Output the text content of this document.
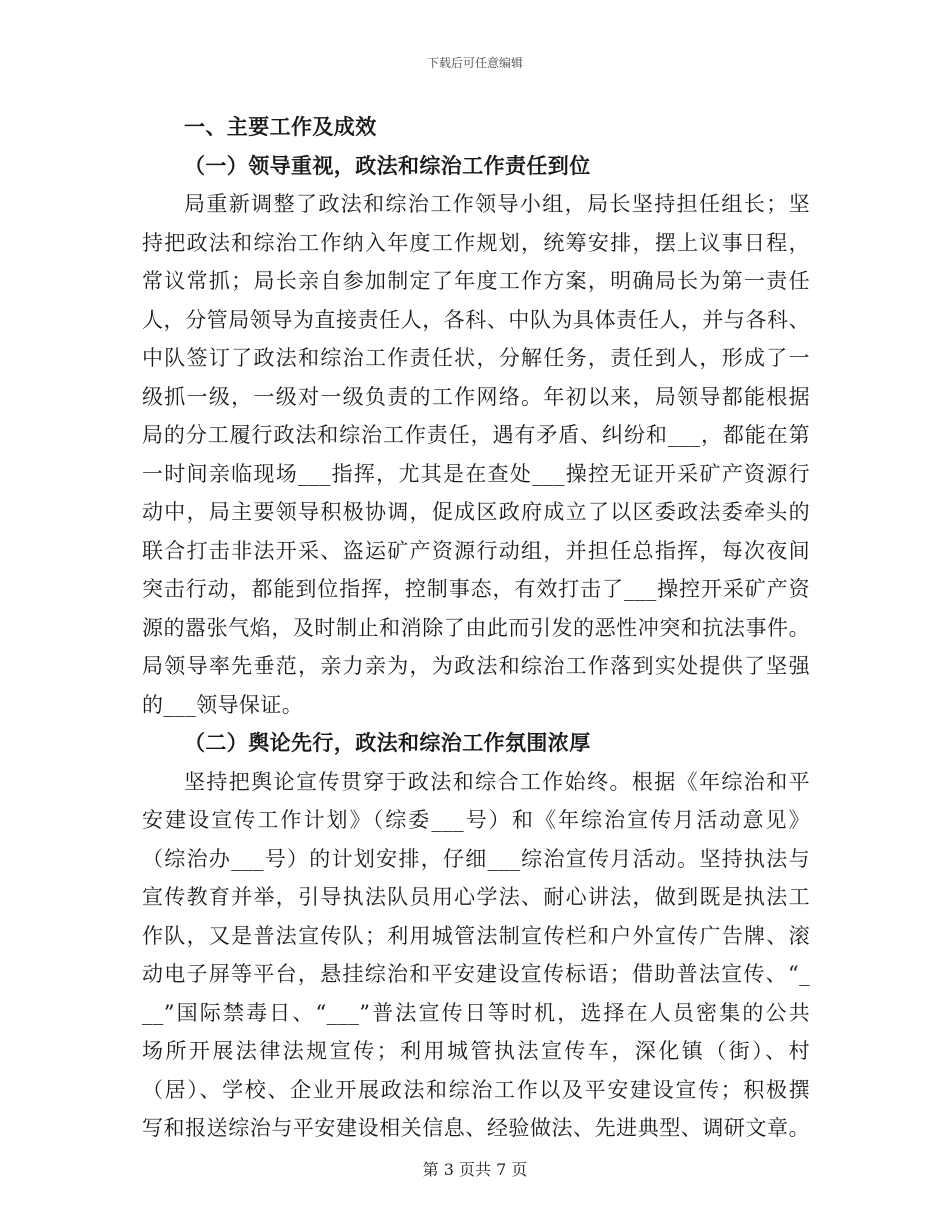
下载后可任意编辑
一、主要工作及成效
（一）领导重视，政法和综治工作责任到位
局重新调整了政法和综治工作领导小组，局长坚持担任组长；坚
持把政法和综治工作纳入年度工作规划，统筹安排，摆上议事日程，
常议常抓；局长亲自参加制定了年度工作方案，明确局长为第一责任
人，分管局领导为直接责任人，各科、中队为具体责任人，并与各科、
中队签订了政法和综治工作责任状，分解任务，责任到人，形成了一
级抓一级，一级对一级负责的工作网络。年初以来，局领导都能根据
局的分工履行政法和综治工作责任，遇有矛盾、纠纷和___，都能在第
一时间亲临现场___指挥，尤其是在查处___操控无证开采矿产资源行
动中，局主要领导积极协调，促成区政府成立了以区委政法委牵头的
联合打击非法开采、盗运矿产资源行动组，并担任总指挥，每次夜间
突击行动，都能到位指挥，控制事态，有效打击了___操控开采矿产资
源的嚣张气焰，及时制止和消除了由此而引发的恶性冲突和抗法事件。
局领导率先垂范，亲力亲为，为政法和综治工作落到实处提供了坚强
的___领导保证。
（二）舆论先行，政法和综治工作氛围浓厚
坚持把舆论宣传贯穿于政法和综合工作始终。根据《年综治和平
安建设宣传工作计划》（综委___号）和《年综治宣传月活动意见》
（综治办___号）的计划安排，仔细___综治宣传月活动。坚持执法与
宣传教育并举，引导执法队员用心学法、耐心讲法，做到既是执法工
作队，又是普法宣传队；利用城管法制宣传栏和户外宣传广告牌、滚
动电子屏等平台，悬挂综治和平安建设宣传标语；借助普法宣传、“_
__”国际禁毒日、“___”普法宣传日等时机，选择在人员密集的公共
场所开展法律法规宣传；利用城管执法宣传车，深化镇（街）、村
（居）、学校、企业开展政法和综治工作以及平安建设宣传；积极撰
写和报送综治与平安建设相关信息、经验做法、先进典型、调研文章。
第 3 页共 7 页
